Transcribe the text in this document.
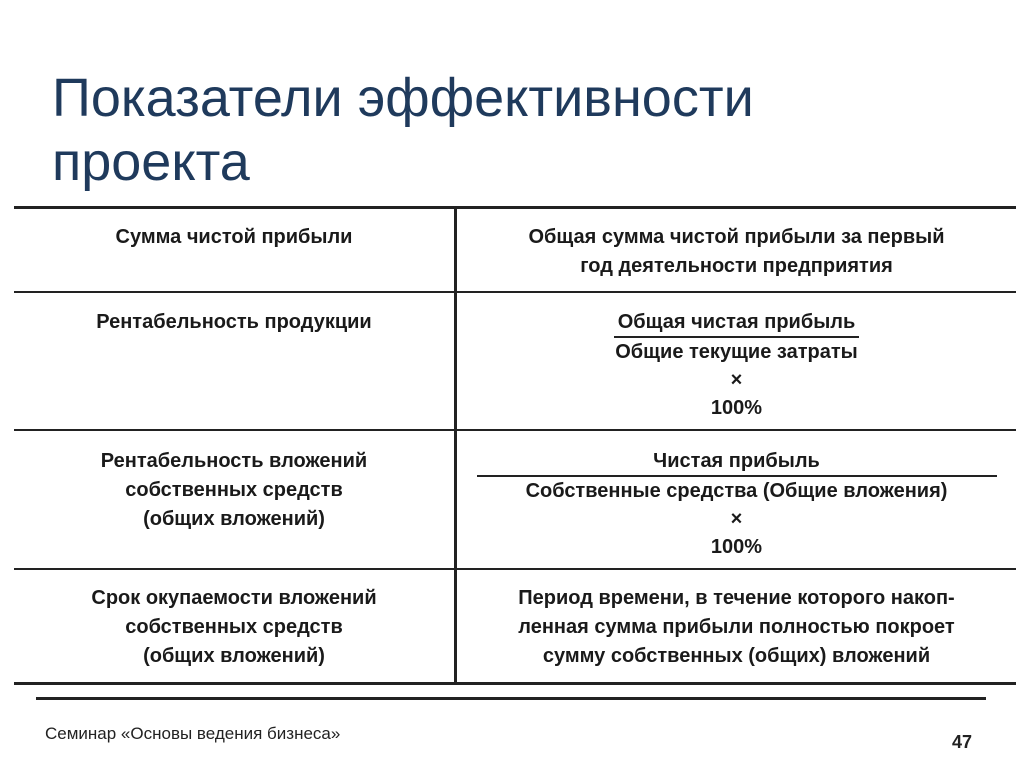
Показатели эффективности
проекта
Сумма чистой прибыли	Общая сумма чистой прибыли за первый
год деятельности предприятия

Рентабельность продукции	$\frac{\text{Общая чистая прибыль}}{\text{Общие текущие затраты}}$
×
100%

Рентабельность вложений
собственных средств
(общих вложений)	$\frac{\text{Чистая прибыль}}{\text{Собственные средства (Общие вложения)}}$
×
100%

Срок окупаемости вложений
собственных средств
(общих вложений)	Период времени, в течение которого накоп-
ленная сумма прибыли полностью покроет
сумму собственных (общих) вложений
Семинар «Основы ведения бизнеса»	47
